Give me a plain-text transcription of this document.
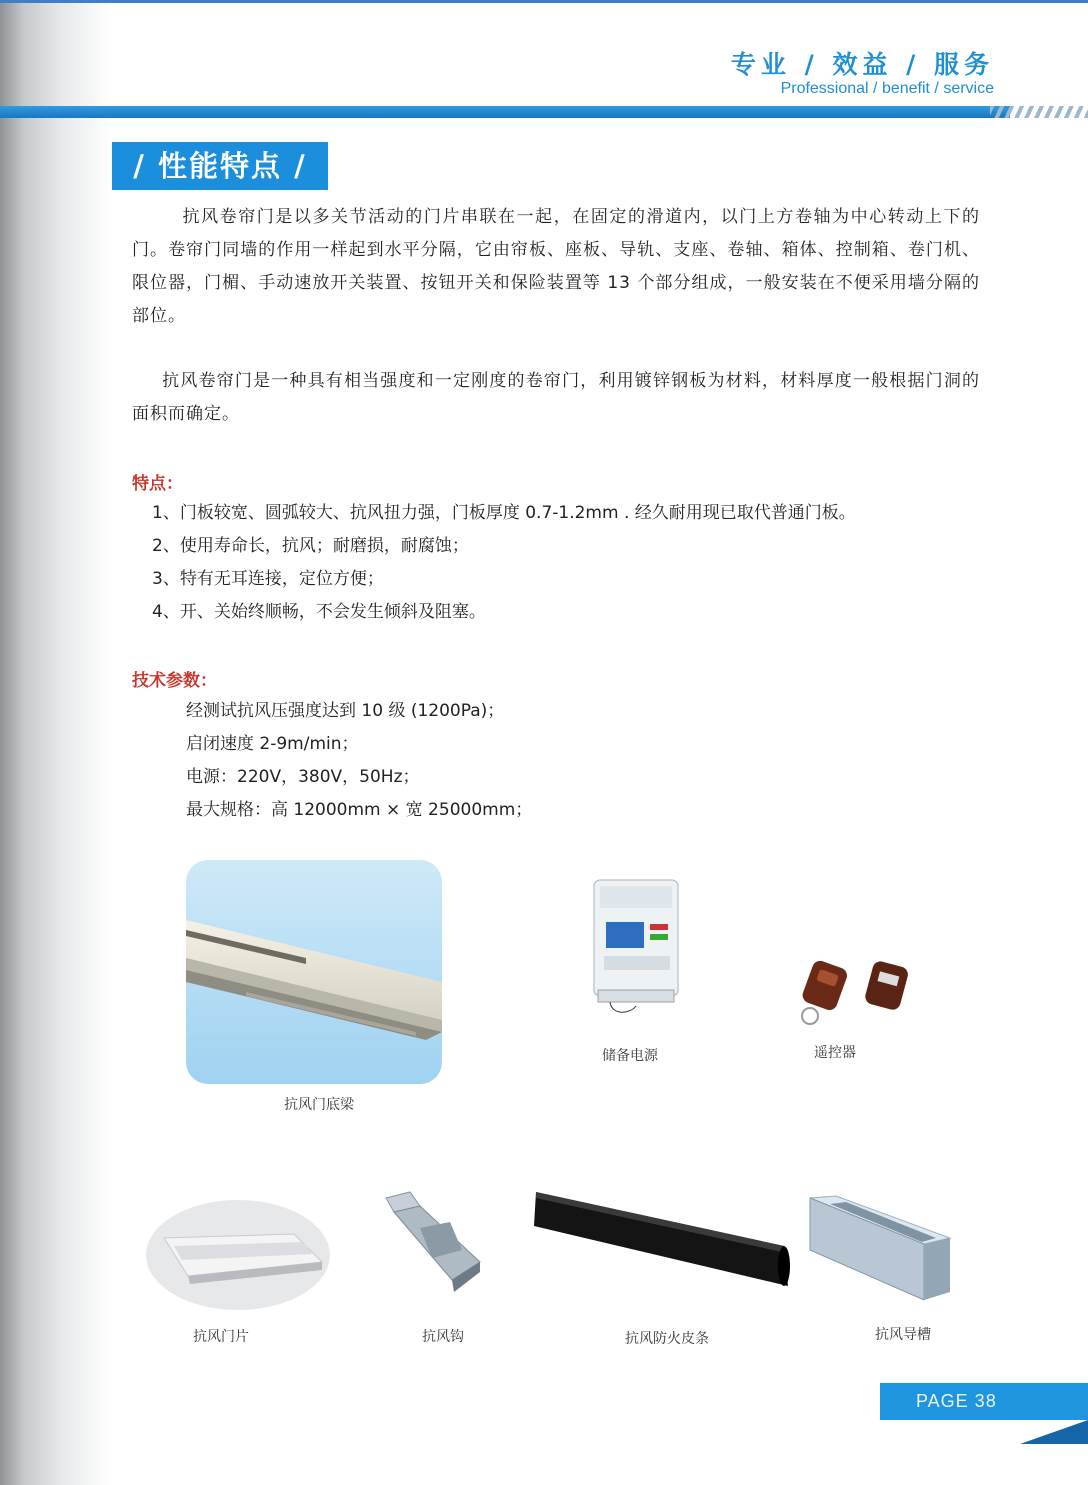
专业 / 效益 / 服务
Professional / benefit / service
/ 性能特点 /

抗风卷帘门是以多关节活动的门片串联在一起，在固定的滑道内，以门上方卷轴为中心转动上下的门。卷帘门同墙的作用一样起到水平分隔，它由帘板、座板、导轨、支座、卷轴、箱体、控制箱、卷门机、限位器，门楣、手动速放开关装置、按钮开关和保险装置等 13 个部分组成，一般安装在不便采用墙分隔的部位。

抗风卷帘门是一种具有相当强度和一定刚度的卷帘门，利用镀锌钢板为材料，材料厚度一般根据门洞的面积而确定。

特点：
1、门板较宽、圆弧较大、抗风扭力强，门板厚度 0.7-1.2mm . 经久耐用现已取代普通门板。
2、使用寿命长，抗风；耐磨损，耐腐蚀；
3、特有无耳连接，定位方便；
4、开、关始终顺畅，不会发生倾斜及阻塞。
技术参数：
经测试抗风压强度达到 10 级 (1200Pa)；
启闭速度 2-9m/min；
电源：220V，380V，50Hz；
最大规格：高 12000mm × 宽 25000mm；
抗风门底梁
储备电源	遥控器
抗风门片	抗风钩	抗风防火皮条	抗风导槽
PAGE 38
